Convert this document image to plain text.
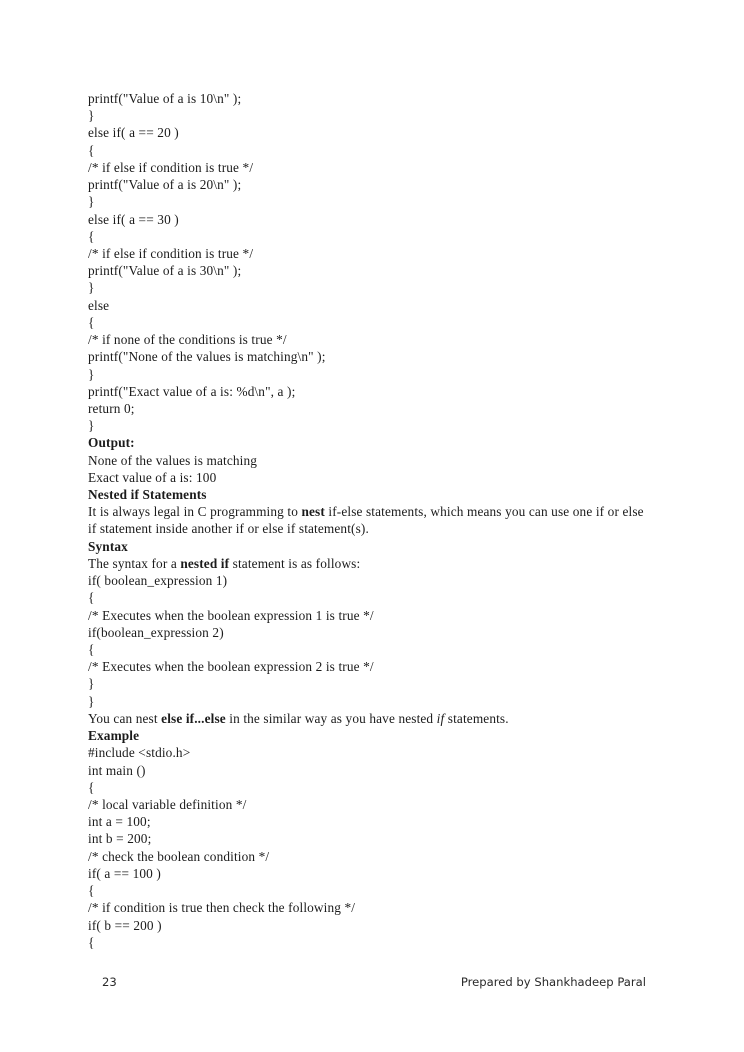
printf("Value of a is 10\n" );
}
else if( a == 20 )
{
/* if else if condition is true */
printf("Value of a is 20\n" );
}
else if( a == 30 )
{
/* if else if condition is true */
printf("Value of a is 30\n" );
}
else
{
/* if none of the conditions is true */
printf("None of the values is matching\n" );
}
printf("Exact value of a is: %d\n", a );
return 0;
}
Output:
None of the values is matching
Exact value of a is: 100
Nested if Statements
It is always legal in C programming to nest if-else statements, which means you can use one if or else if statement inside another if or else if statement(s).
Syntax
The syntax for a nested if statement is as follows:
if( boolean_expression 1)
{
/* Executes when the boolean expression 1 is true */
if(boolean_expression 2)
{
/* Executes when the boolean expression 2 is true */
}
}
You can nest else if...else in the similar way as you have nested if statements.
Example
#include <stdio.h>
int main ()
{
/* local variable definition */
int a = 100;
int b = 200;
/* check the boolean condition */
if( a == 100 )
{
/* if condition is true then check the following */
if( b == 200 )
{
23	Prepared by Shankhadeep Paral
